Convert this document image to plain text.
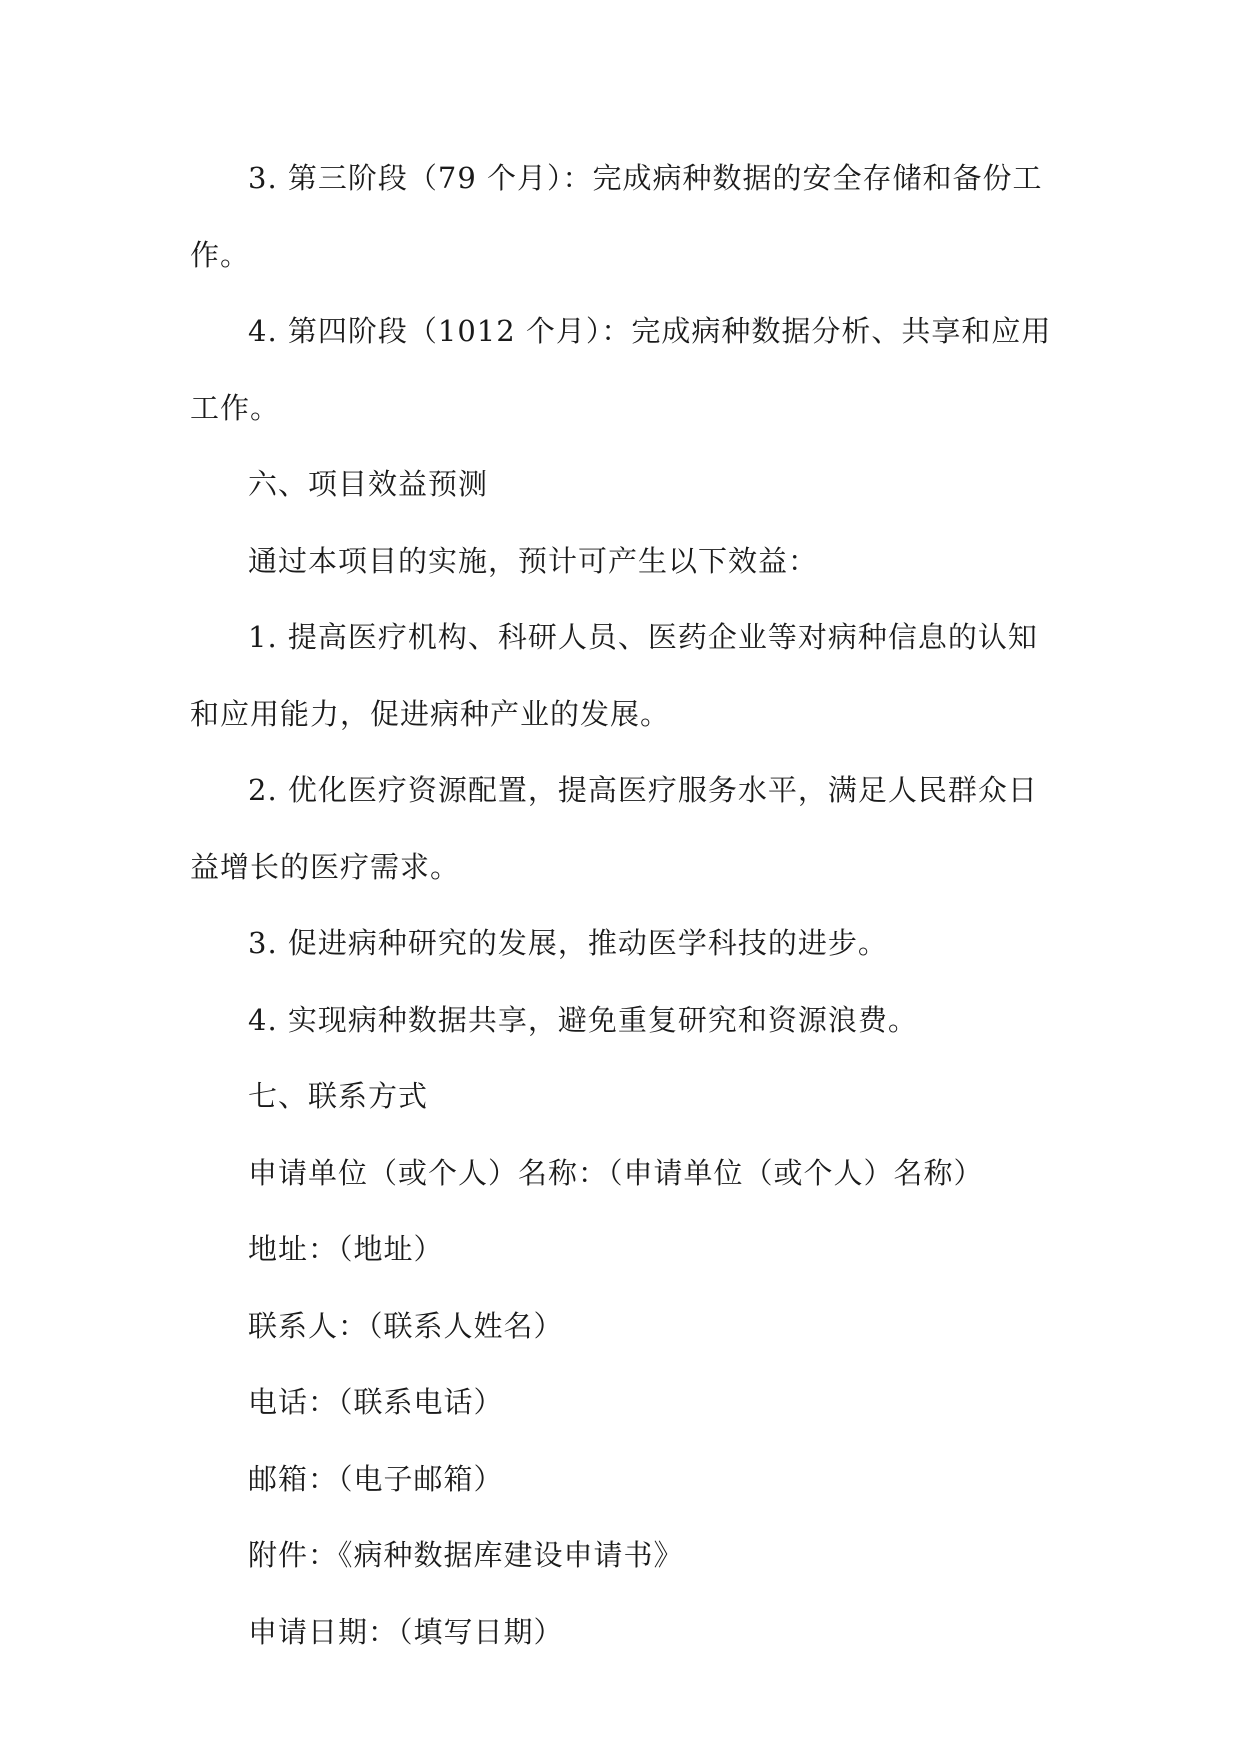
3. 第三阶段（79 个月）：完成病种数据的安全存储和备份工作。

4. 第四阶段（1012 个月）：完成病种数据分析、共享和应用工作。

六、项目效益预测

通过本项目的实施，预计可产生以下效益：

1. 提高医疗机构、科研人员、医药企业等对病种信息的认知和应用能力，促进病种产业的发展。

2. 优化医疗资源配置，提高医疗服务水平，满足人民群众日益增长的医疗需求。

3. 促进病种研究的发展，推动医学科技的进步。

4. 实现病种数据共享，避免重复研究和资源浪费。

七、联系方式

申请单位（或个人）名称：（申请单位（或个人）名称）

地址：（地址）

联系人：（联系人姓名）

电话：（联系电话）

邮箱：（电子邮箱）

附件：《病种数据库建设申请书》

申请日期：（填写日期）
